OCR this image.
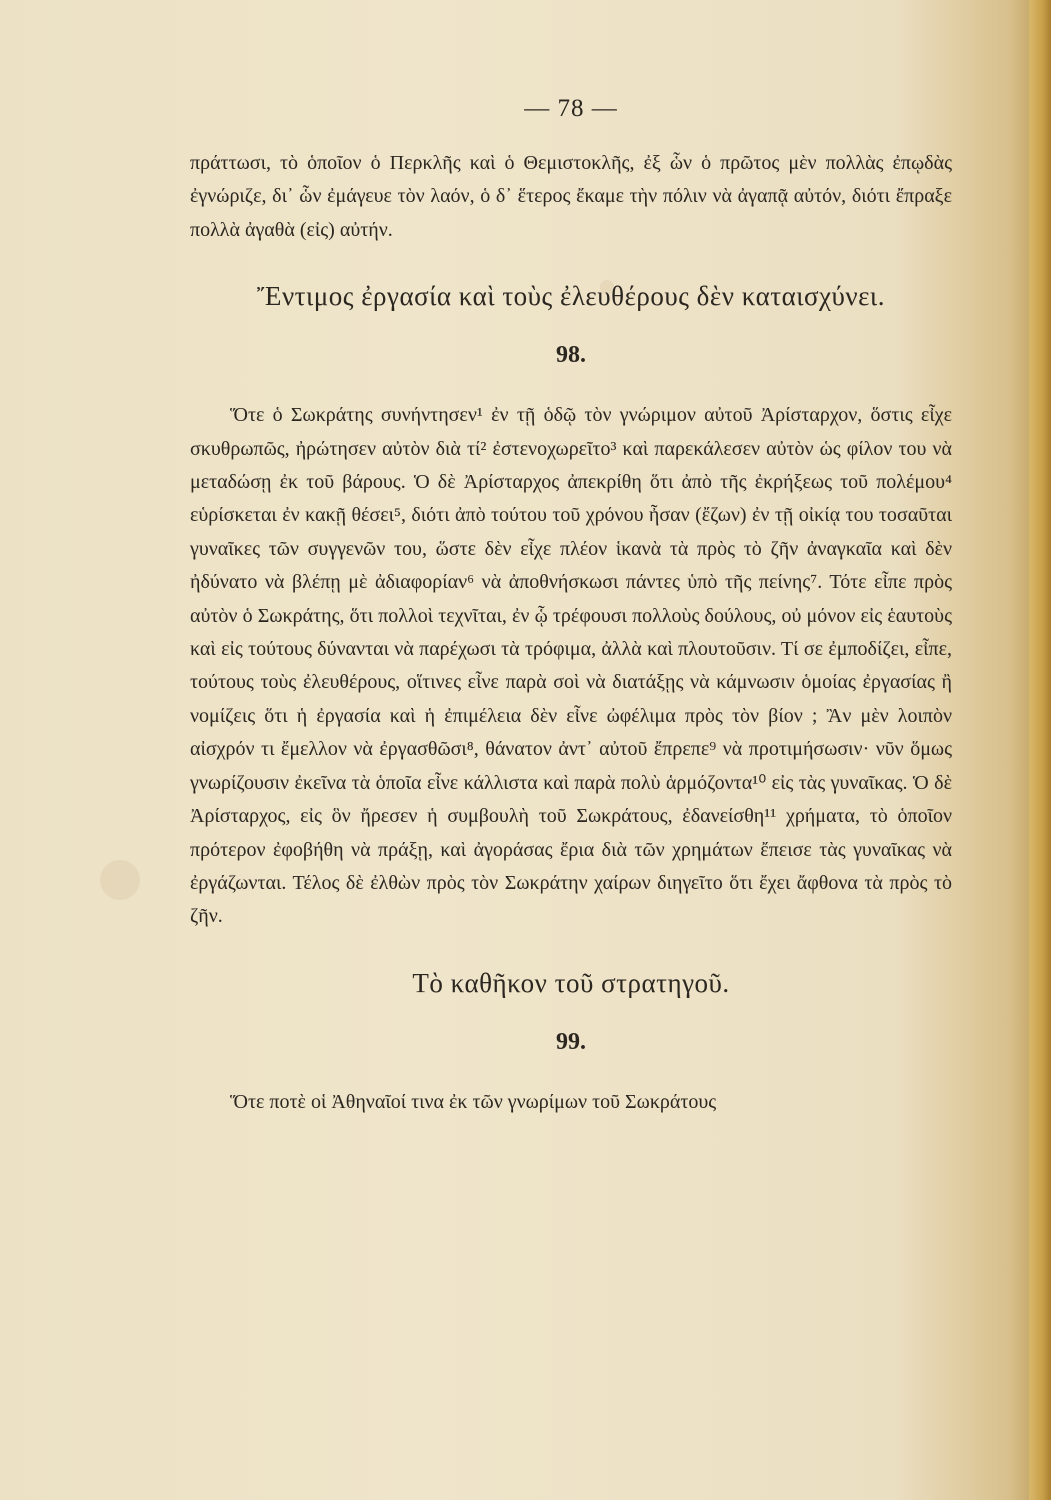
— 78 —

πράττωσι, τὸ ὁποῖον ὁ Περκλῆς καὶ ὁ Θεμιστοκλῆς, ἐξ ὧν ὁ πρῶτος μὲν πολλὰς ἐπῳδὰς ἐγνώριζε, δι᾽ ὧν ἐμάγευε τὸν λαόν, ὁ δ᾽ ἕτερος ἔκαμε τὴν πόλιν νὰ ἀγαπᾷ αὐτόν, διότι ἔπραξε πολλὰ ἀγαθὰ (εἰς) αὐτήν.

Ἔντιμος ἐργασία καὶ τοὺς ἐλευθέρους δὲν καταισχύνει.
98.

Ὅτε ὁ Σωκράτης συνήντησεν¹ ἐν τῇ ὁδῷ τὸν γνώριμον αὐτοῦ Ἀρίσταρχον, ὅστις εἶχε σκυθρωπῶς, ἠρώτησεν αὐτὸν διὰ τί² ἐστενοχωρεῖτο³ καὶ παρεκάλεσεν αὐτὸν ὡς φίλον του νὰ μεταδώσῃ ἐκ τοῦ βάρους. Ὁ δὲ Ἀρίσταρχος ἀπεκρίθη ὅτι ἀπὸ τῆς ἐκρήξεως τοῦ πολέμου⁴ εὑρίσκεται ἐν κακῇ θέσει⁵, διότι ἀπὸ τούτου τοῦ χρόνου ἦσαν (ἔζων) ἐν τῇ οἰκίᾳ του τοσαῦται γυναῖκες τῶν συγγενῶν του, ὥστε δὲν εἶχε πλέον ἱκανὰ τὰ πρὸς τὸ ζῆν ἀναγκαῖα καὶ δὲν ἠδύνατο νὰ βλέπῃ μὲ ἀδιαφορίαν⁶ νὰ ἀποθνήσκωσι πάντες ὑπὸ τῆς πείνης⁷. Τότε εἶπε πρὸς αὐτὸν ὁ Σωκράτης, ὅτι πολλοὶ τεχνῖται, ἐν ᾧ τρέφουσι πολλοὺς δούλους, οὐ μόνον εἰς ἑαυτοὺς καὶ εἰς τούτους δύνανται νὰ παρέχωσι τὰ τρόφιμα, ἀλλὰ καὶ πλουτοῦσιν. Τί σε ἐμποδίζει, εἶπε, τούτους τοὺς ἐλευθέρους, οἵτινες εἶνε παρὰ σοὶ νὰ διατάξῃς νὰ κάμνωσιν ὁμοίας ἐργασίας ἢ νομίζεις ὅτι ἡ ἐργασία καὶ ἡ ἐπιμέλεια δὲν εἶνε ὠφέλιμα πρὸς τὸν βίον ; Ἂν μὲν λοιπὸν αἰσχρόν τι ἔμελλον νὰ ἐργασθῶσι⁸, θάνατον ἀντ᾽ αὐτοῦ ἔπρεπε⁹ νὰ προτιμήσωσιν· νῦν ὅμως γνωρίζουσιν ἐκεῖνα τὰ ὁποῖα εἶνε κάλλιστα καὶ παρὰ πολὺ ἁρμόζοντα¹⁰ εἰς τὰς γυναῖκας. Ὁ δὲ Ἀρίσταρχος, εἰς ὃν ἤρεσεν ἡ συμβουλὴ τοῦ Σωκράτους, ἐδανείσθη¹¹ χρήματα, τὸ ὁποῖον πρότερον ἐφοβήθη νὰ πράξῃ, καὶ ἀγοράσας ἔρια διὰ τῶν χρημάτων ἔπεισε τὰς γυναῖκας νὰ ἐργάζωνται. Τέλος δὲ ἐλθὼν πρὸς τὸν Σωκράτην χαίρων διηγεῖτο ὅτι ἔχει ἄφθονα τὰ πρὸς τὸ ζῆν.

Τὸ καθῆκον τοῦ στρατηγοῦ.
99.

Ὅτε ποτὲ οἱ Ἀθηναῖοί τινα ἐκ τῶν γνωρίμων τοῦ Σωκράτους
